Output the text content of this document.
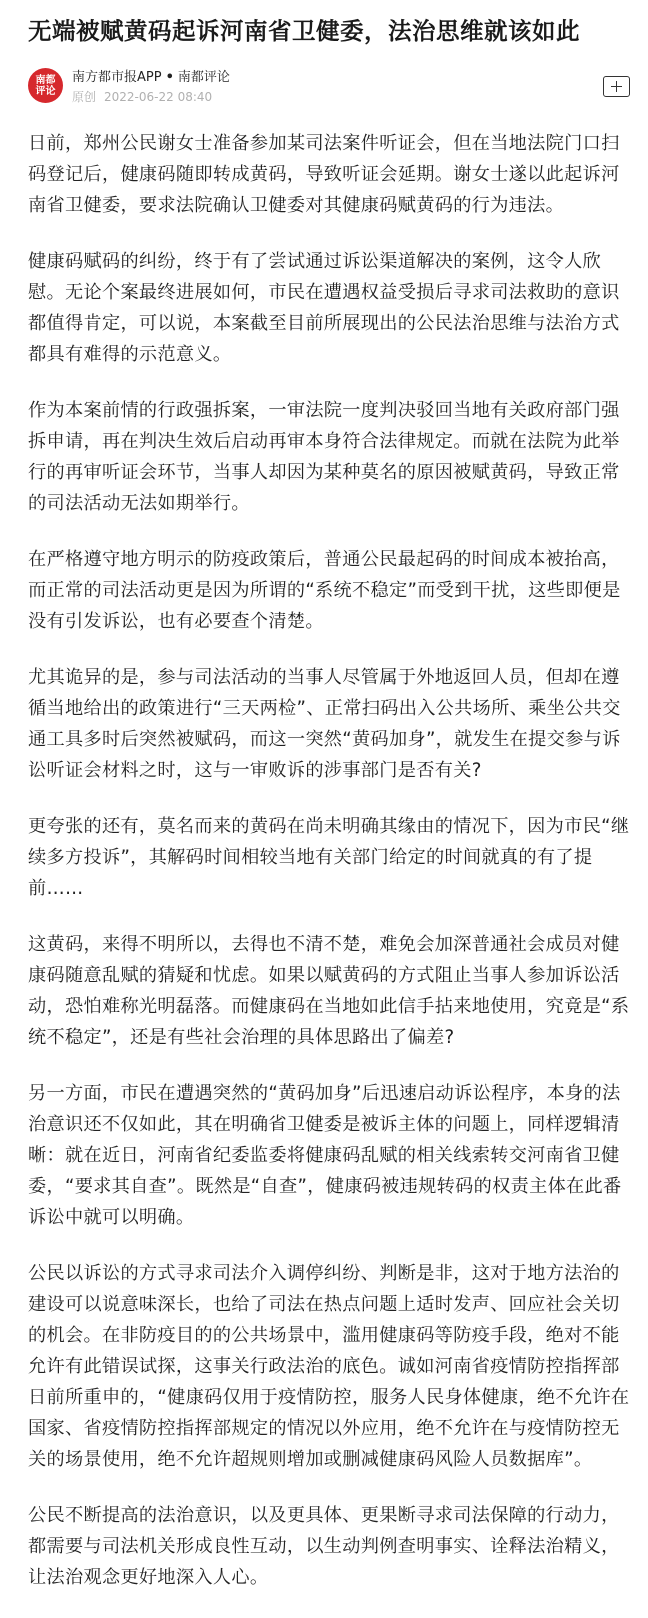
无端被赋黄码起诉河南省卫健委，法治思维就该如此
南都
评论
南方都市报APP • 南都评论
原创 2022-06-22 08:40

日前，郑州公民谢女士准备参加某司法案件听证会，但在当地法院门口扫码登记后，健康码随即转成黄码，导致听证会延期。谢女士遂以此起诉河南省卫健委，要求法院确认卫健委对其健康码赋黄码的行为违法。

健康码赋码的纠纷，终于有了尝试通过诉讼渠道解决的案例，这令人欣慰。无论个案最终进展如何，市民在遭遇权益受损后寻求司法救助的意识都值得肯定，可以说，本案截至目前所展现出的公民法治思维与法治方式都具有难得的示范意义。

作为本案前情的行政强拆案，一审法院一度判决驳回当地有关政府部门强拆申请，再在判决生效后启动再审本身符合法律规定。而就在法院为此举行的再审听证会环节，当事人却因为某种莫名的原因被赋黄码，导致正常的司法活动无法如期举行。

在严格遵守地方明示的防疫政策后，普通公民最起码的时间成本被抬高，而正常的司法活动更是因为所谓的“系统不稳定”而受到干扰，这些即便是没有引发诉讼，也有必要查个清楚。

尤其诡异的是，参与司法活动的当事人尽管属于外地返回人员，但却在遵循当地给出的政策进行“三天两检”、正常扫码出入公共场所、乘坐公共交通工具多时后突然被赋码，而这一突然“黄码加身”，就发生在提交参与诉讼听证会材料之时，这与一审败诉的涉事部门是否有关?

更夸张的还有，莫名而来的黄码在尚未明确其缘由的情况下，因为市民“继续多方投诉”，其解码时间相较当地有关部门给定的时间就真的有了提前……

这黄码，来得不明所以，去得也不清不楚，难免会加深普通社会成员对健康码随意乱赋的猜疑和忧虑。如果以赋黄码的方式阻止当事人参加诉讼活动，恐怕难称光明磊落。而健康码在当地如此信手拈来地使用，究竟是“系统不稳定”，还是有些社会治理的具体思路出了偏差?

另一方面，市民在遭遇突然的“黄码加身”后迅速启动诉讼程序，本身的法治意识还不仅如此，其在明确省卫健委是被诉主体的问题上，同样逻辑清晰：就在近日，河南省纪委监委将健康码乱赋的相关线索转交河南省卫健委，“要求其自查”。既然是“自查”，健康码被违规转码的权责主体在此番诉讼中就可以明确。

公民以诉讼的方式寻求司法介入调停纠纷、判断是非，这对于地方法治的建设可以说意味深长，也给了司法在热点问题上适时发声、回应社会关切的机会。在非防疫目的的公共场景中，滥用健康码等防疫手段，绝对不能允许有此错误试探，这事关行政法治的底色。诚如河南省疫情防控指挥部日前所重申的，“健康码仅用于疫情防控，服务人民身体健康，绝不允许在国家、省疫情防控指挥部规定的情况以外应用，绝不允许在与疫情防控无关的场景使用，绝不允许超规则增加或删减健康码风险人员数据库”。

公民不断提高的法治意识，以及更具体、更果断寻求司法保障的行动力，都需要与司法机关形成良性互动，以生动判例查明事实、诠释法治精义，让法治观念更好地深入人心。
